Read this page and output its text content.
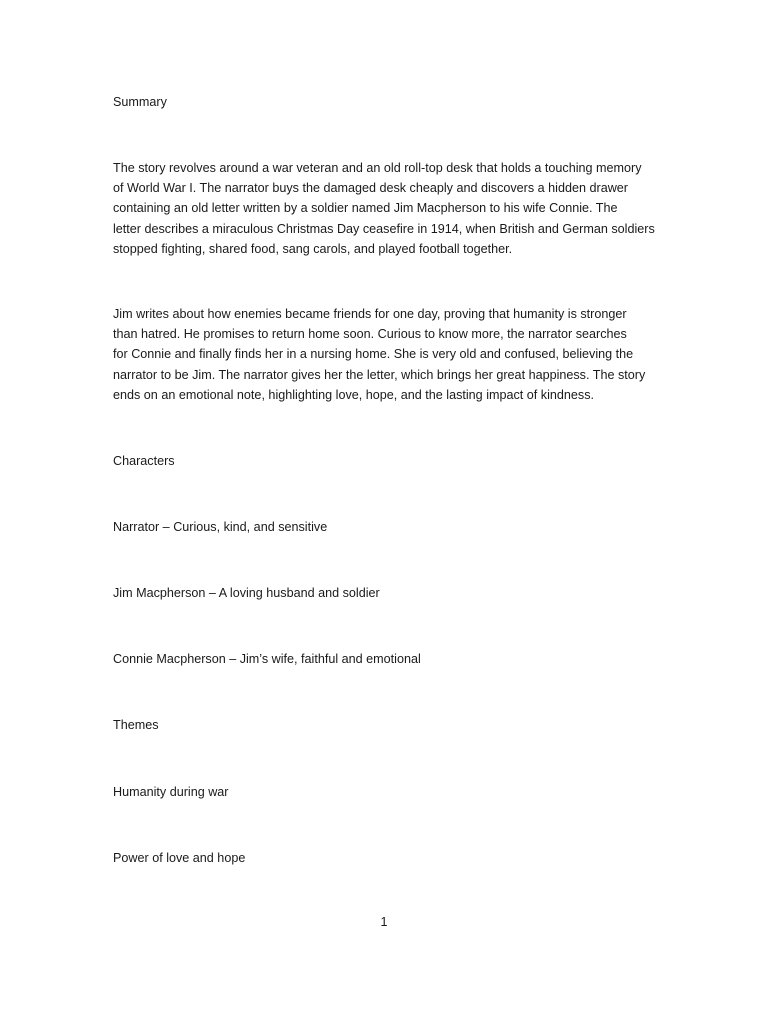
Summary
The story revolves around a war veteran and an old roll-top desk that holds a touching memory
of World War I. The narrator buys the damaged desk cheaply and discovers a hidden drawer
containing an old letter written by a soldier named Jim Macpherson to his wife Connie. The
letter describes a miraculous Christmas Day ceasefire in 1914, when British and German soldiers
stopped fighting, shared food, sang carols, and played football together.
Jim writes about how enemies became friends for one day, proving that humanity is stronger
than hatred. He promises to return home soon. Curious to know more, the narrator searches
for Connie and finally finds her in a nursing home. She is very old and confused, believing the
narrator to be Jim. The narrator gives her the letter, which brings her great happiness. The story
ends on an emotional note, highlighting love, hope, and the lasting impact of kindness.
Characters
Narrator – Curious, kind, and sensitive
Jim Macpherson – A loving husband and soldier
Connie Macpherson – Jim’s wife, faithful and emotional
Themes
Humanity during war
Power of love and hope
1
